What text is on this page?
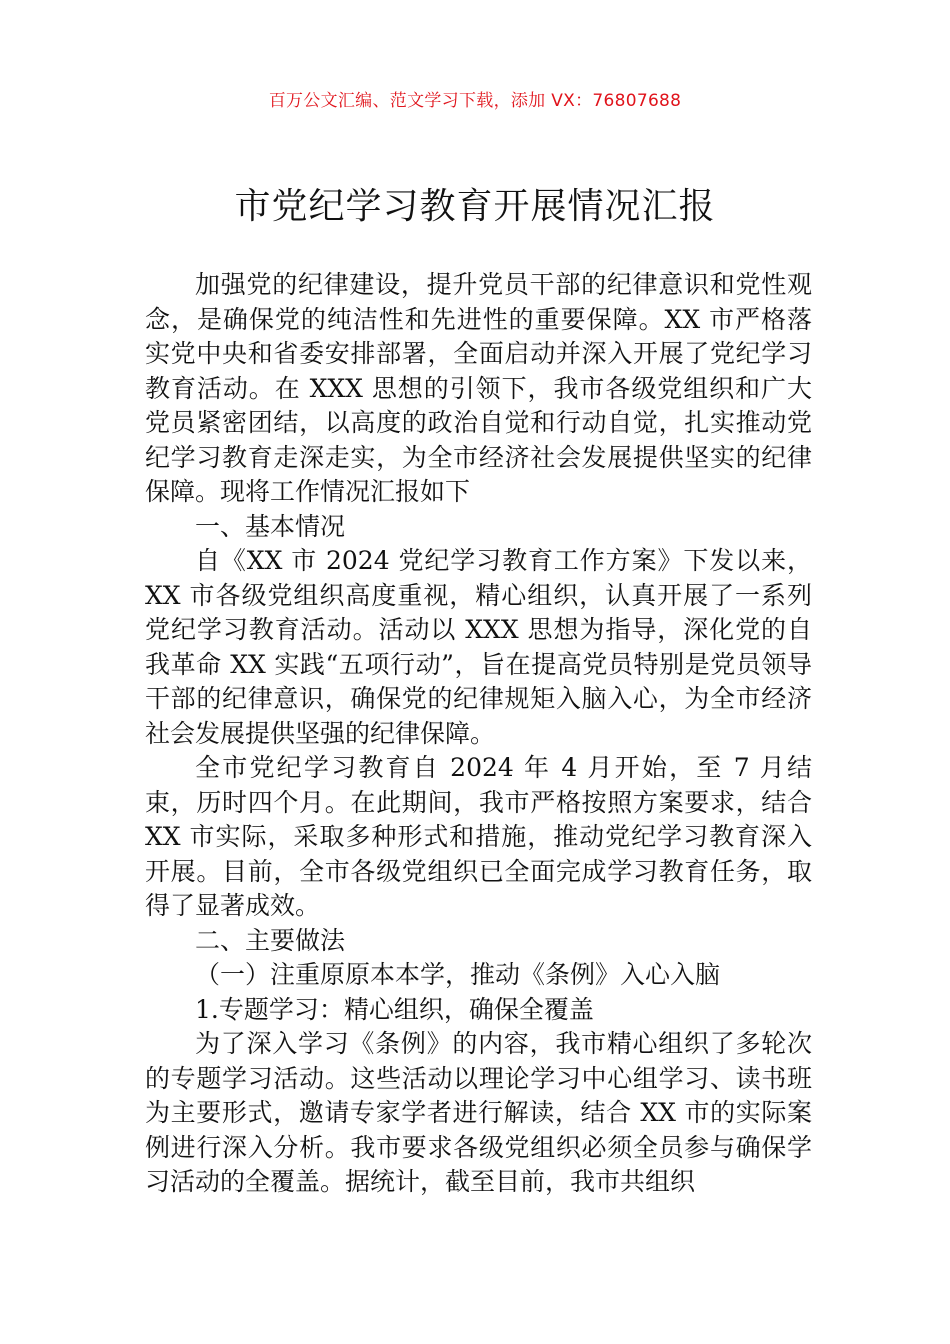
百万公文汇编、范文学习下载，添加 VX：76807688
市党纪学习教育开展情况汇报

加强党的纪律建设，提升党员干部的纪律意识和党性观念，是确保党的纯洁性和先进性的重要保障。XX 市严格落实党中央和省委安排部署，全面启动并深入开展了党纪学习教育活动。在 XXX 思想的引领下，我市各级党组织和广大党员紧密团结，以高度的政治自觉和行动自觉，扎实推动党纪学习教育走深走实，为全市经济社会发展提供坚实的纪律保障。现将工作情况汇报如下

一、基本情况

自《XX 市 2024 党纪学习教育工作方案》下发以来，XX 市各级党组织高度重视，精心组织，认真开展了一系列党纪学习教育活动。活动以 XXX 思想为指导，深化党的自我革命 XX 实践“五项行动”，旨在提高党员特别是党员领导干部的纪律意识，确保党的纪律规矩入脑入心，为全市经济社会发展提供坚强的纪律保障。

全市党纪学习教育自 2024 年 4 月开始，至 7 月结束，历时四个月。在此期间，我市严格按照方案要求，结合 XX 市实际，采取多种形式和措施，推动党纪学习教育深入开展。目前，全市各级党组织已全面完成学习教育任务，取得了显著成效。

二、主要做法

（一）注重原原本本学，推动《条例》入心入脑

1.专题学习：精心组织，确保全覆盖

为了深入学习《条例》的内容，我市精心组织了多轮次的专题学习活动。这些活动以理论学习中心组学习、读书班为主要形式，邀请专家学者进行解读，结合 XX 市的实际案例进行深入分析。我市要求各级党组织必须全员参与确保学习活动的全覆盖。据统计，截至目前，我市共组织
